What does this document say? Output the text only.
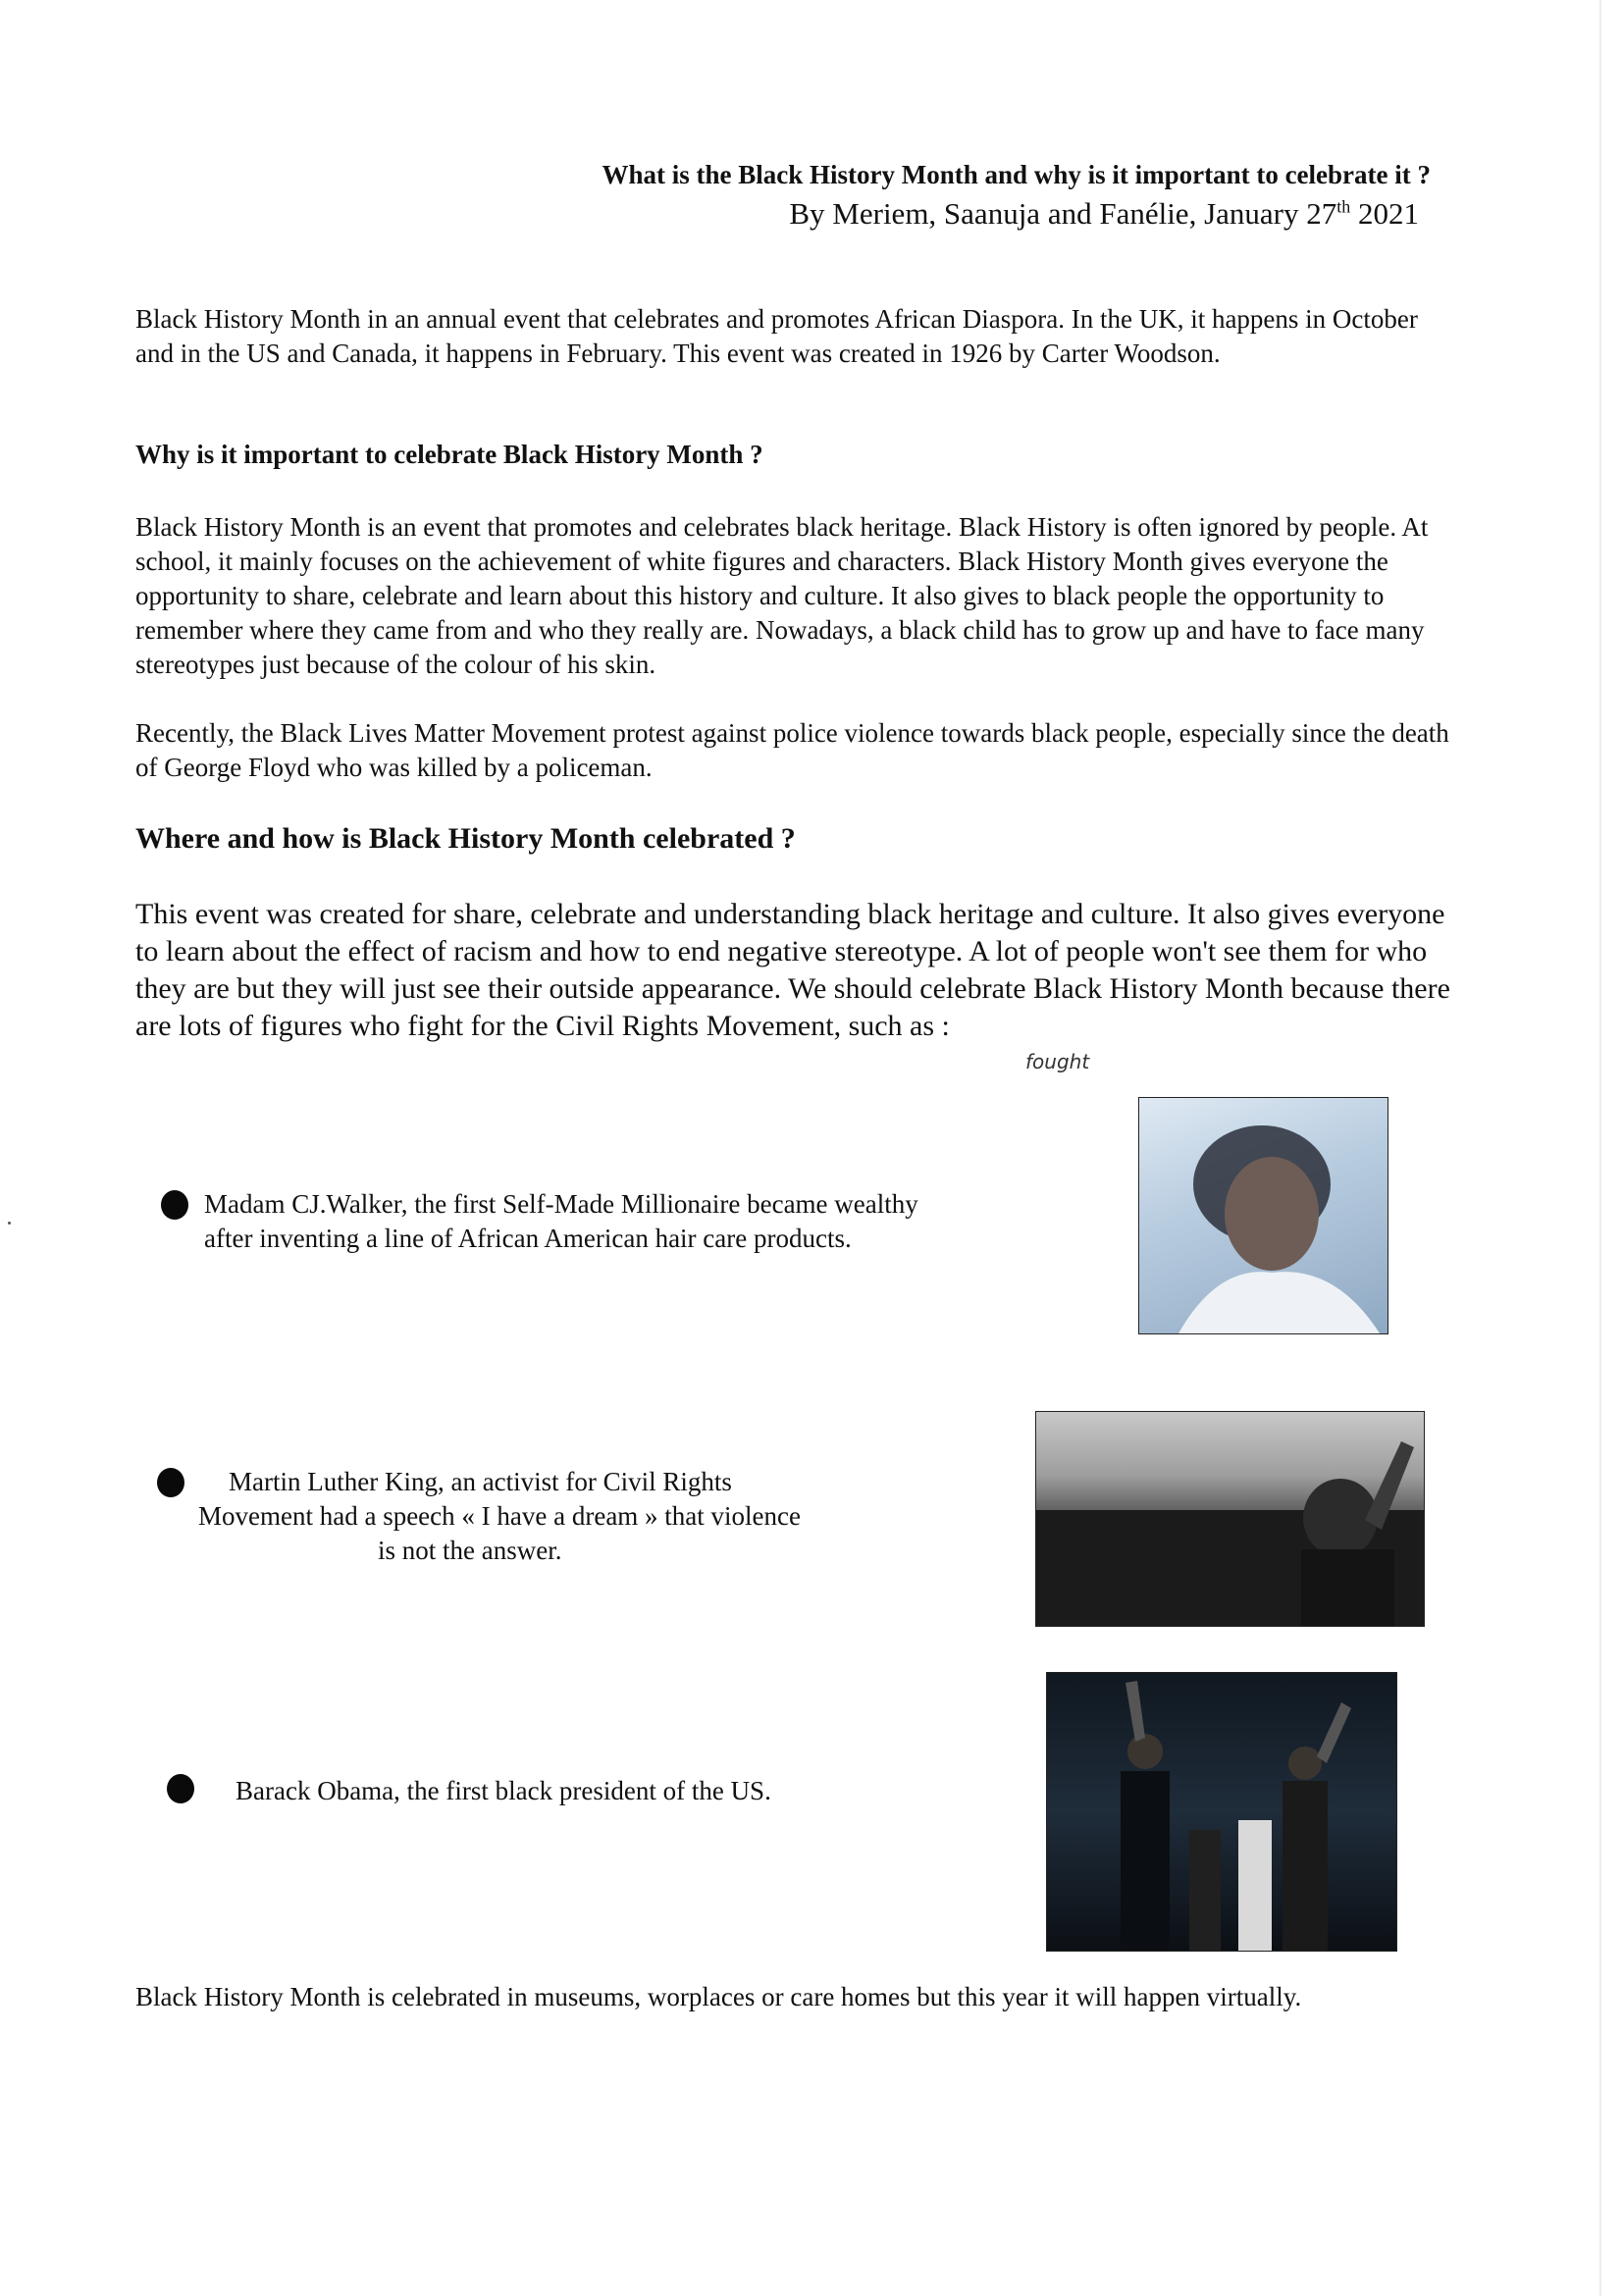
What is the Black History Month and why is it important to celebrate it ?
By Meriem, Saanuja and Fanélie, January 27th 2021

Black History Month in an annual event that celebrates and promotes African Diaspora. In the UK, it happens in October and in the US and Canada, it happens in February. This event was created in 1926 by Carter Woodson.

Why is it important to celebrate Black History Month ?

Black History Month is an event that promotes and celebrates black heritage. Black History is often ignored by people. At school, it mainly focuses on the achievement of white figures and characters. Black History Month gives everyone the opportunity to share, celebrate and learn about this history and culture. It also gives to black people the opportunity to remember where they came from and who they really are. Nowadays, a black child has to grow up and have to face many stereotypes just because of the colour of his skin.

Recently, the Black Lives Matter Movement protest against police violence towards black people, especially since the death of George Floyd who was killed by a policeman.

Where and how is Black History Month celebrated ?

This event was created for share, celebrate and understanding black heritage and culture. It also gives everyone to learn about the effect of racism and how to end negative stereotype. A lot of people won't see them for who they are but they will just see their outside appearance. We should celebrate Black History Month because there are lots of figures who fight for the Civil Rights Movement, such as :

fought

Madam CJ.Walker, the first Self-Made Millionaire became wealthy

after inventing a line of African American hair care products.

Martin Luther King, an activist for Civil Rights

Movement had a speech « I have a dream » that violence

is not the answer.

Barack Obama, the first black president of the US.

Black History Month is celebrated in museums, worplaces or care homes but this year it will happen virtually.
